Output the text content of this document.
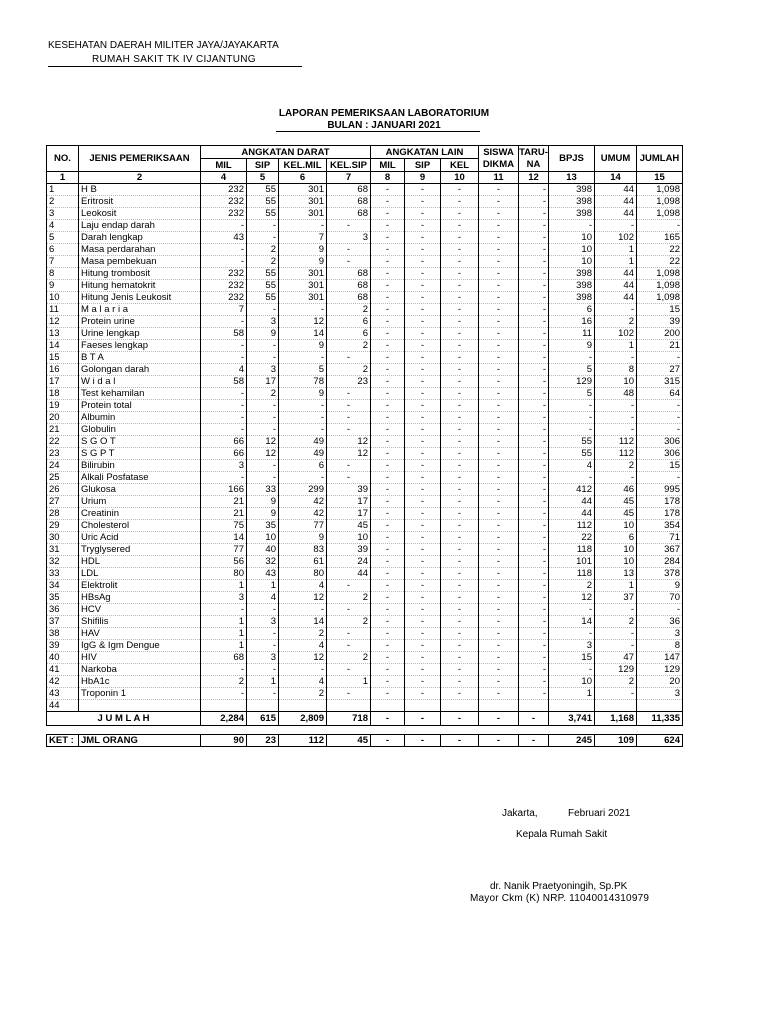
KESEHATAN DAERAH MILITER JAYA/JAYAKARTA
RUMAH SAKIT TK IV CIJANTUNG
LAPORAN PEMERIKSAAN LABORATORIUM
BULAN : JANUARI 2021
NO.	JENIS PEMERIKSAAN	ANGKATAN DARAT				ANGKATAN LAIN			SISWA	TARU-	BPJS	UMUM	JUMLAH
		MIL	SIP	KEL.MIL	KEL.SIP	MIL	SIP	KEL	DIKMA	NA			
1	2	4	5	6	7	8	9	10	11	12	13	14	15
1	H B	232	55	301	68	-	-	-	-	-	398	44	1,098
2	Eritrosit	232	55	301	68	-	-	-	-	-	398	44	1,098
3	Leokosit	232	55	301	68	-	-	-	-	-	398	44	1,098
4	Laju endap darah	-	-	-	-	-	-	-	-	-	-	-	-
5	Darah lengkap	43	-	7	3	-	-	-	-	-	10	102	165
6	Masa perdarahan	-	2	9	-	-	-	-	-	-	10	1	22
7	Masa pembekuan	-	2	9	-	-	-	-	-	-	10	1	22
8	Hitung trombosit	232	55	301	68	-	-	-	-	-	398	44	1,098
9	Hitung hematokrit	232	55	301	68	-	-	-	-	-	398	44	1,098
10	Hitung Jenis Leukosit	232	55	301	68	-	-	-	-	-	398	44	1,098
11	M a l a r i a	7	-	-	2	-	-	-	-	-	6	-	15
12	Protein urine	-	3	12	6	-	-	-	-	-	16	2	39
13	Urine lengkap	58	9	14	6	-	-	-	-	-	11	102	200
14	Faeses lengkap	-	-	9	2	-	-	-	-	-	9	1	21
15	B T A	-	-	-	-	-	-	-	-	-	-	-	-
16	Golongan darah	4	3	5	2	-	-	-	-	-	5	8	27
17	W i d a l	58	17	78	23	-	-	-	-	-	129	10	315
18	Test kehamilan	-	2	9	-	-	-	-	-	-	5	48	64
19	Protein total	-	-	-	-	-	-	-	-	-	-	-	-
20	Albumin	-	-	-	-	-	-	-	-	-	-	-	-
21	Globulin	-	-	-	-	-	-	-	-	-	-	-	-
22	S G O T	66	12	49	12	-	-	-	-	-	55	112	306
23	S G P T	66	12	49	12	-	-	-	-	-	55	112	306
24	Bilirubin	3	-	6	-	-	-	-	-	-	4	2	15
25	Alkali Posfatase	-	-	-	-	-	-	-	-	-	-	-	-
26	Glukosa	166	33	299	39	-	-	-	-	-	412	46	995
27	Urium	21	9	42	17	-	-	-	-	-	44	45	178
28	Creatinin	21	9	42	17	-	-	-	-	-	44	45	178
29	Cholesterol	75	35	77	45	-	-	-	-	-	112	10	354
30	Uric Acid	14	10	9	10	-	-	-	-	-	22	6	71
31	Tryglysered	77	40	83	39	-	-	-	-	-	118	10	367
32	HDL	56	32	61	24	-	-	-	-	-	101	10	284
33	LDL	80	43	80	44	-	-	-	-	-	118	13	378
34	Elektrolit	1	1	4	-	-	-	-	-	-	2	1	9
35	HBsAg	3	4	12	2	-	-	-	-	-	12	37	70
36	HCV	-	-	-	-	-	-	-	-	-	-	-	-
37	Shifilis	1	3	14	2	-	-	-	-	-	14	2	36
38	HAV	1	-	2	-	-	-	-	-	-	-	-	3
39	IgG & Igm Dengue	1	-	4	-	-	-	-	-	-	3	-	8
40	HIV	68	3	12	2	-	-	-	-	-	15	47	147
41	Narkoba	-	-	-	-	-	-	-	-	-	-	129	129
42	HbA1c	2	1	4	1	-	-	-	-	-	10	2	20
43	Troponin 1	-	-	2	-	-	-	-	-	-	1	-	3
44													
J U M L A H		2,284	615	2,809	718	-	-	-	-	-	3,741	1,168	11,335

KET :	JML ORANG	90	23	112	45	-	-	-	-	-	245	109	624
Jakarta,	Februari 2021
Kepala Rumah Sakit
dr. Nanik Praetyoningih, Sp.PK
Mayor Ckm (K) NRP. 11040014310979
